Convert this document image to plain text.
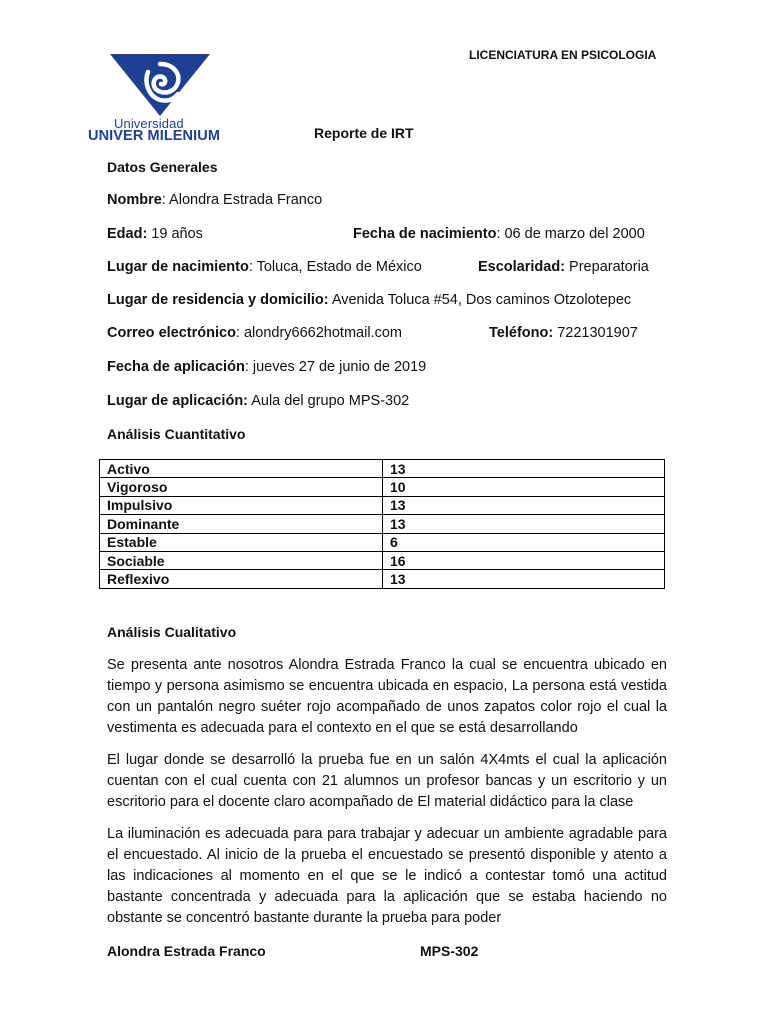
Universidad
UNIVER MILENIUM
LICENCIATURA EN PSICOLOGIA
Reporte de IRT
Datos Generales
Nombre: Alondra Estrada Franco
Edad: 19 años	Fecha de nacimiento: 06 de marzo del 2000
Lugar de nacimiento: Toluca, Estado de México	Escolaridad: Preparatoria
Lugar de residencia y domicilio: Avenida Toluca #54, Dos caminos Otzolotepec
Correo electrónico: alondry6662hotmail.com	Teléfono: 7221301907
Fecha de aplicación: jueves 27 de junio de 2019
Lugar de aplicación: Aula del grupo MPS-302
Análisis Cuantitativo
Activo	13
Vigoroso	10
Impulsivo	13
Dominante	13
Estable	6
Sociable	16
Reflexivo	13
Análisis Cualitativo

Se presenta ante nosotros Alondra Estrada Franco la cual se encuentra ubicado en tiempo y persona asimismo se encuentra ubicada en espacio, La persona está vestida con un pantalón negro suéter rojo acompañado de unos zapatos color rojo el cual la vestimenta es adecuada para el contexto en el que se está desarrollando

El lugar donde se desarrolló la prueba fue en un salón 4X4mts el cual la aplicación cuentan con el cual cuenta con 21 alumnos un profesor bancas y un escritorio y un escritorio para el docente claro acompañado de El material didáctico para la clase

La iluminación es adecuada para para trabajar y adecuar un ambiente agradable para el encuestado. Al inicio de la prueba el encuestado se presentó disponible y atento a las indicaciones al momento en el que se le indicó a contestar tomó una actitud bastante concentrada y adecuada para la aplicación que se estaba haciendo no obstante se concentró bastante durante la prueba para poder

Alondra Estrada Franco	MPS-302
